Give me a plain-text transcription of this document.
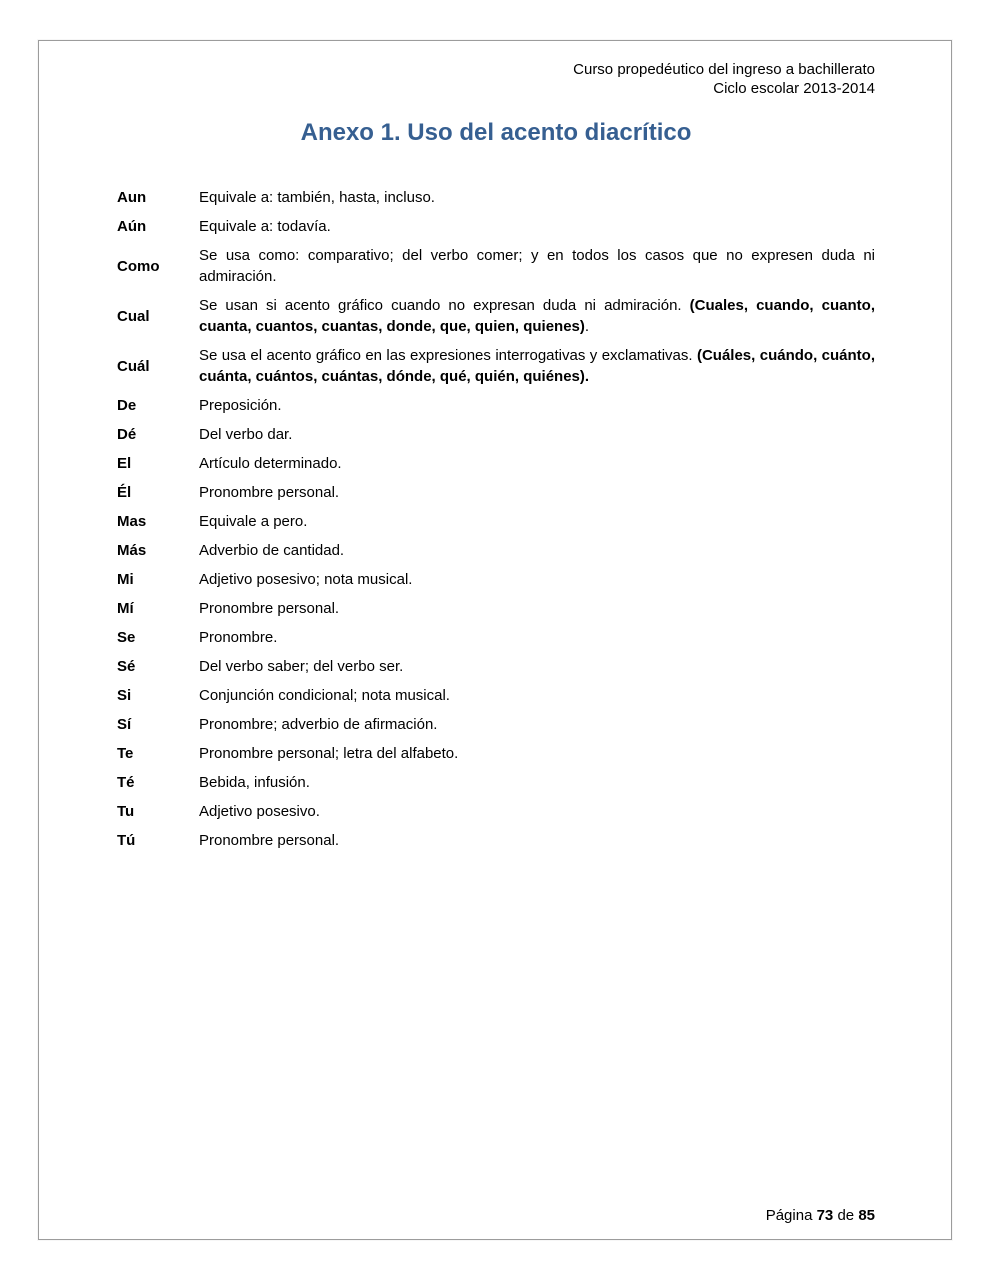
Curso propedéutico del ingreso a bachillerato
Ciclo escolar 2013-2014
Anexo 1. Uso del acento diacrítico
Aun	Equivale a: también, hasta, incluso.
Aún	Equivale a: todavía.
Como	Se usa como: comparativo; del verbo comer; y en todos los casos que no expresen duda ni admiración.
Cual	Se usan si acento gráfico cuando no expresan duda ni admiración. (Cuales, cuando, cuanto, cuanta, cuantos, cuantas, donde, que, quien, quienes).
Cuál	Se usa el acento gráfico en las expresiones interrogativas y exclamativas. (Cuáles, cuándo, cuánto, cuánta, cuántos, cuántas, dónde, qué, quién, quiénes).
De	Preposición.
Dé	Del verbo dar.
El	Artículo determinado.
Él	Pronombre personal.
Mas	Equivale a pero.
Más	Adverbio de cantidad.
Mi	Adjetivo posesivo; nota musical.
Mí	Pronombre personal.
Se	Pronombre.
Sé	Del verbo saber; del verbo ser.
Si	Conjunción condicional; nota musical.
Sí	Pronombre; adverbio de afirmación.
Te	Pronombre personal; letra del alfabeto.
Té	Bebida, infusión.
Tu	Adjetivo posesivo.
Tú	Pronombre personal.
Página 73 de 85
